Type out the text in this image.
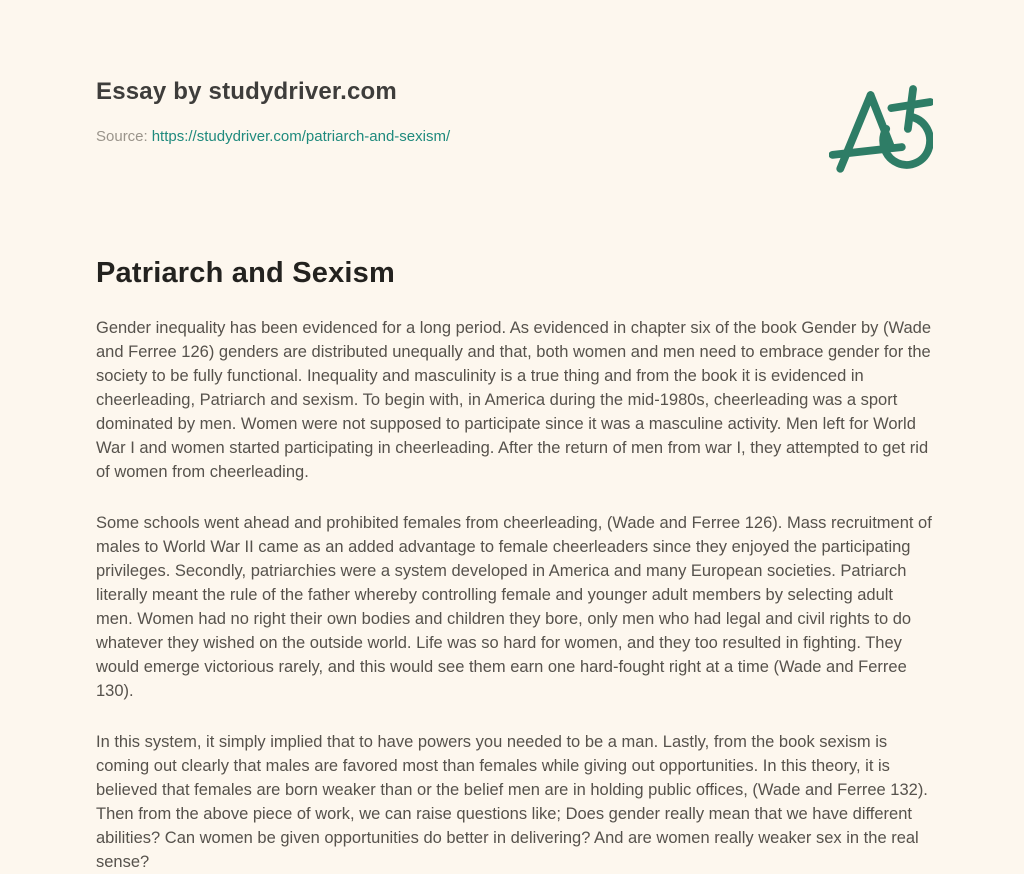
Essay by studydriver.com
Source: https://studydriver.com/patriarch-and-sexism/
Patriarch and Sexism

Gender inequality has been evidenced for a long period. As evidenced in chapter six of the book Gender by (Wade and Ferree 126) genders are distributed unequally and that, both women and men need to embrace gender for the society to be fully functional. Inequality and masculinity is a true thing and from the book it is evidenced in cheerleading, Patriarch and sexism. To begin with, in America during the mid-1980s, cheerleading was a sport dominated by men. Women were not supposed to participate since it was a masculine activity. Men left for World War I and women started participating in cheerleading. After the return of men from war I, they attempted to get rid of women from cheerleading.

Some schools went ahead and prohibited females from cheerleading, (Wade and Ferree 126). Mass recruitment of males to World War II came as an added advantage to female cheerleaders since they enjoyed the participating privileges. Secondly, patriarchies were a system developed in America and many European societies. Patriarch literally meant the rule of the father whereby controlling female and younger adult members by selecting adult men. Women had no right their own bodies and children they bore, only men who had legal and civil rights to do whatever they wished on the outside world. Life was so hard for women, and they too resulted in fighting. They would emerge victorious rarely, and this would see them earn one hard-fought right at a time (Wade and Ferree 130).

In this system, it simply implied that to have powers you needed to be a man. Lastly, from the book sexism is coming out clearly that males are favored most than females while giving out opportunities. In this theory, it is believed that females are born weaker than or the belief men are in holding public offices, (Wade and Ferree 132). Then from the above piece of work, we can raise questions like; Does gender really mean that we have different abilities? Can women be given opportunities do better in delivering? And are women really weaker sex in the real sense?
